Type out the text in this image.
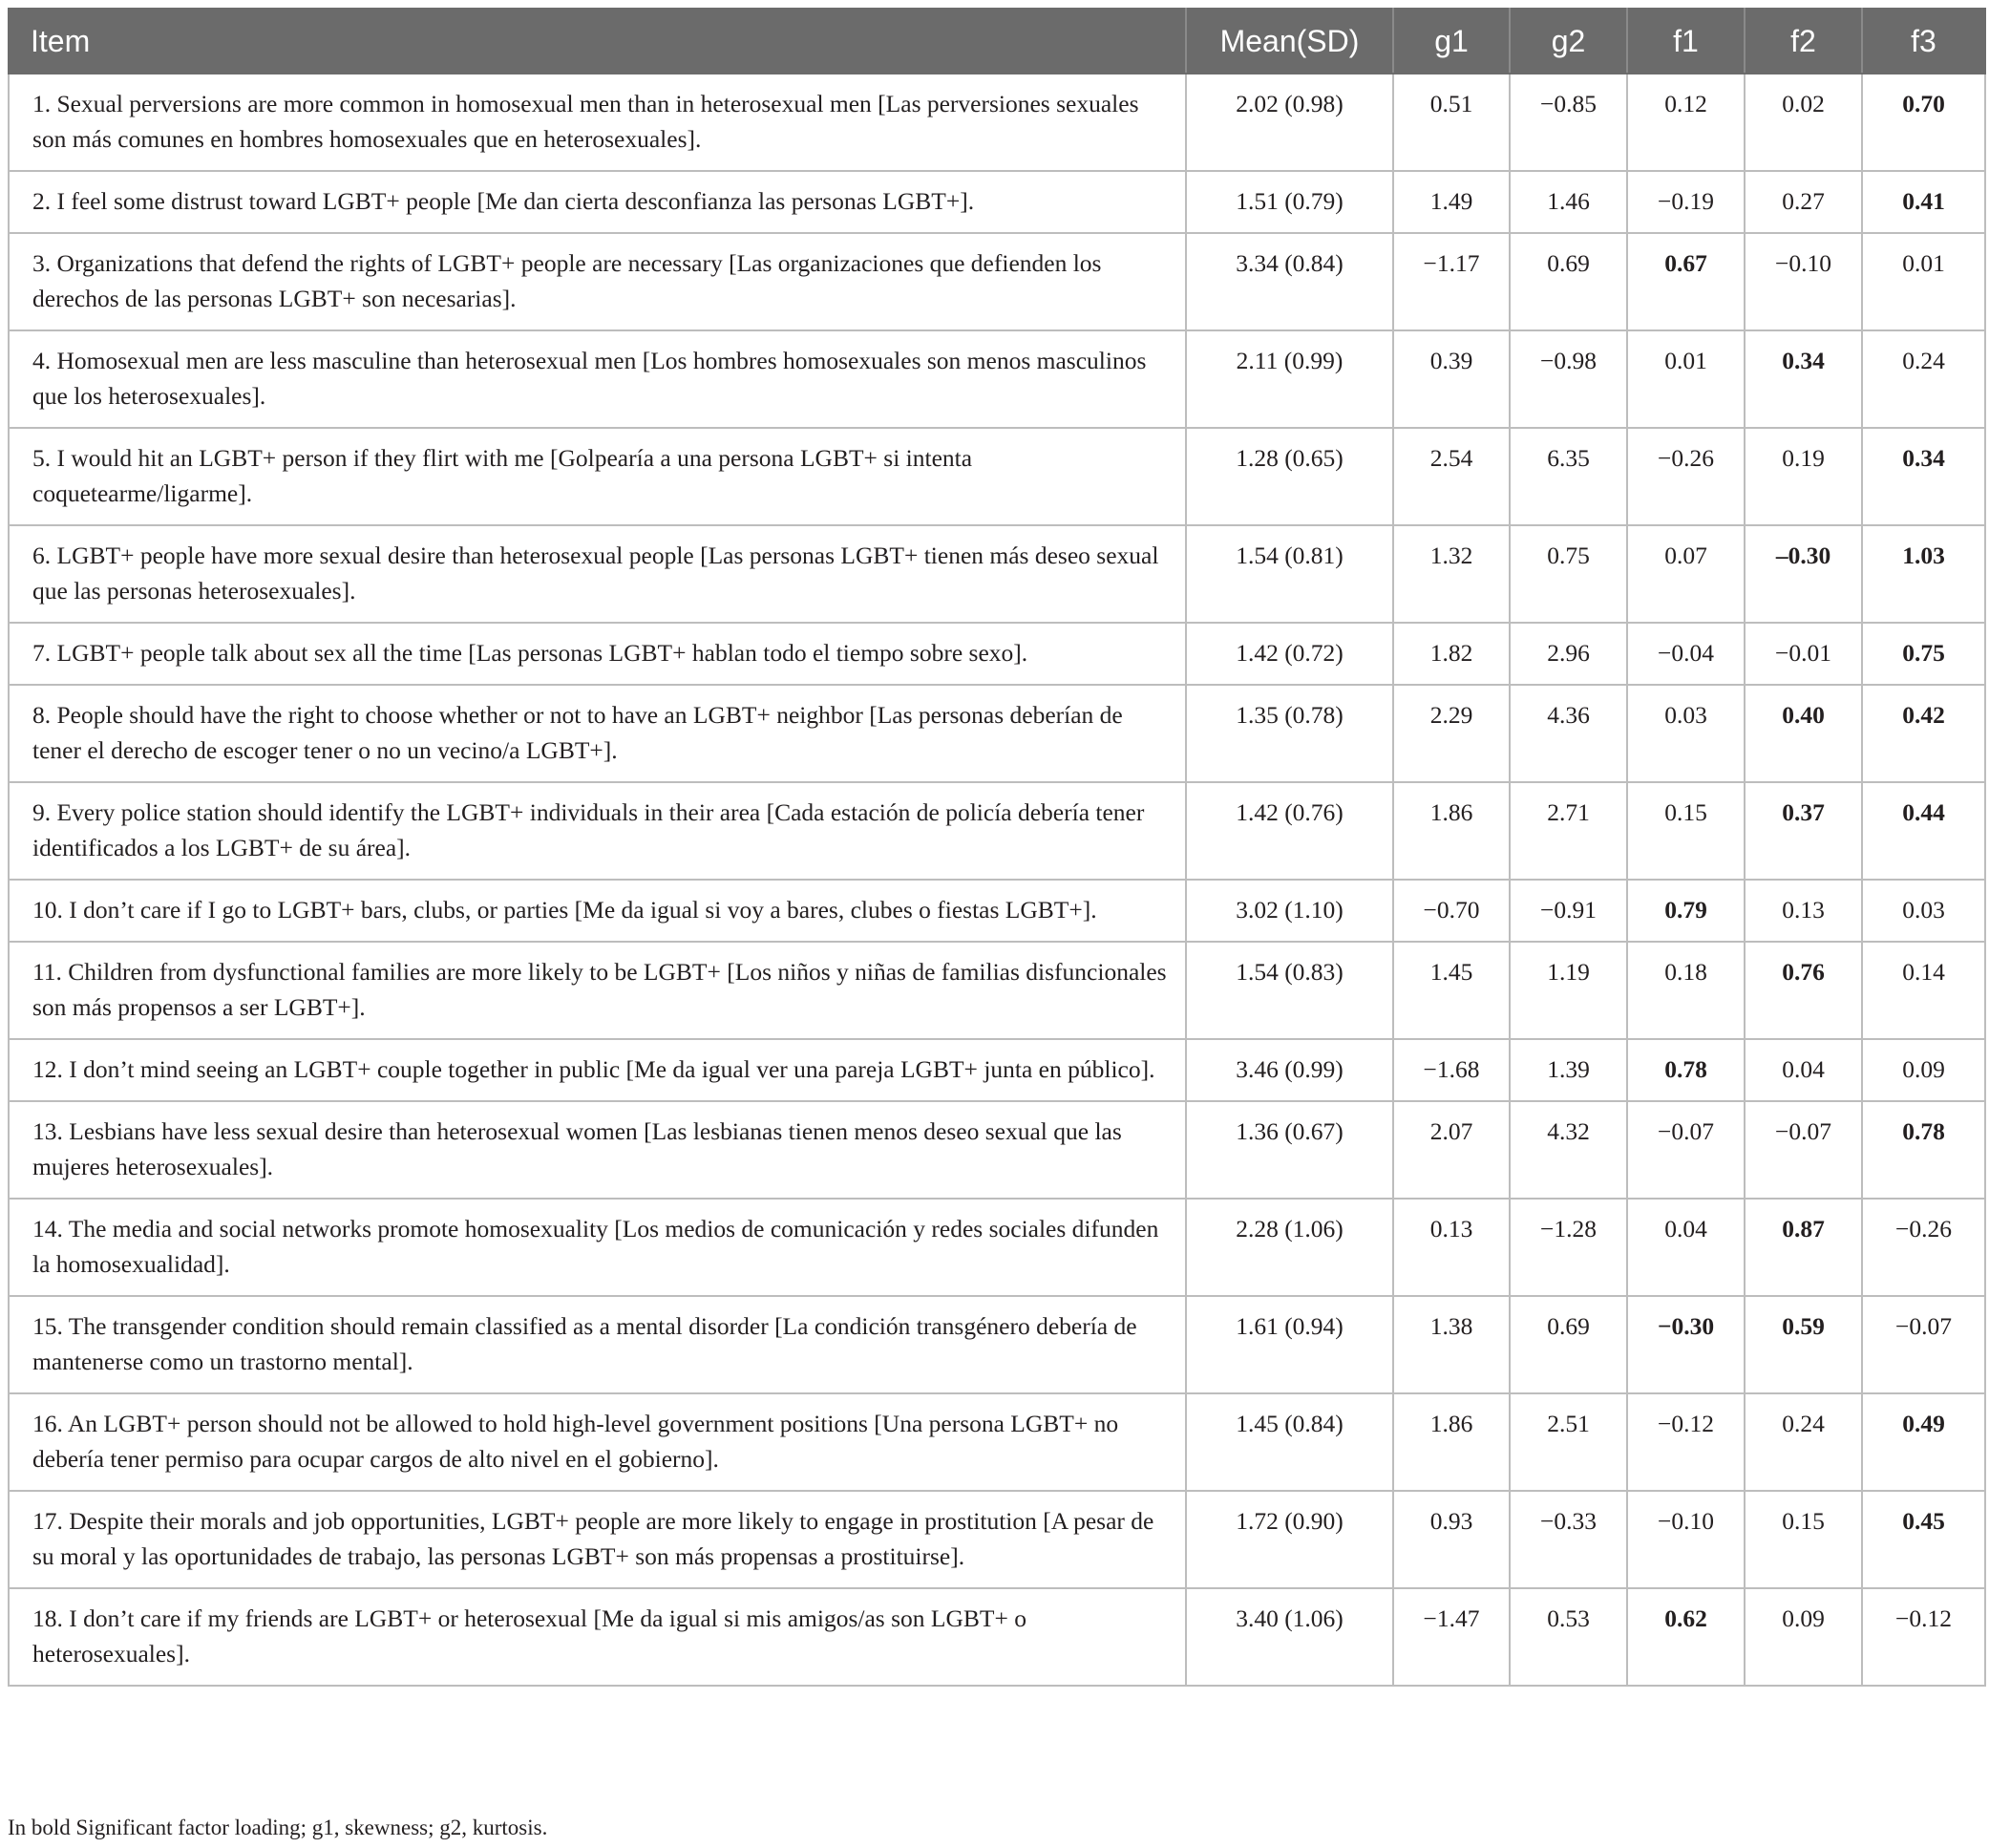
Item	Mean(SD)	g1	g2	f1	f2	f3
1. Sexual perversions are more common in homosexual men than in heterosexual men [Las perversiones sexuales son más comunes en hombres homosexuales que en heterosexuales].	2.02 (0.98)	0.51	−0.85	0.12	0.02	0.70
2. I feel some distrust toward LGBT+ people [Me dan cierta desconfianza las personas LGBT+].	1.51 (0.79)	1.49	1.46	−0.19	0.27	0.41
3. Organizations that defend the rights of LGBT+ people are necessary [Las organizaciones que defienden los derechos de las personas LGBT+ son necesarias].	3.34 (0.84)	−1.17	0.69	0.67	−0.10	0.01
4. Homosexual men are less masculine than heterosexual men [Los hombres homosexuales son menos masculinos que los heterosexuales].	2.11 (0.99)	0.39	−0.98	0.01	0.34	0.24
5. I would hit an LGBT+ person if they flirt with me [Golpearía a una persona LGBT+ si intenta coquetearme/ligarme].	1.28 (0.65)	2.54	6.35	−0.26	0.19	0.34
6. LGBT+ people have more sexual desire than heterosexual people [Las personas LGBT+ tienen más deseo sexual que las personas heterosexuales].	1.54 (0.81)	1.32	0.75	0.07	–0.30	1.03
7. LGBT+ people talk about sex all the time [Las personas LGBT+ hablan todo el tiempo sobre sexo].	1.42 (0.72)	1.82	2.96	−0.04	−0.01	0.75
8. People should have the right to choose whether or not to have an LGBT+ neighbor [Las personas deberían de tener el derecho de escoger tener o no un vecino/a LGBT+].	1.35 (0.78)	2.29	4.36	0.03	0.40	0.42
9. Every police station should identify the LGBT+ individuals in their area [Cada estación de policía debería tener identificados a los LGBT+ de su área].	1.42 (0.76)	1.86	2.71	0.15	0.37	0.44
10. I don’t care if I go to LGBT+ bars, clubs, or parties [Me da igual si voy a bares, clubes o fiestas LGBT+].	3.02 (1.10)	−0.70	−0.91	0.79	0.13	0.03
11. Children from dysfunctional families are more likely to be LGBT+ [Los niños y niñas de familias disfuncionales son más propensos a ser LGBT+].	1.54 (0.83)	1.45	1.19	0.18	0.76	0.14
12. I don’t mind seeing an LGBT+ couple together in public [Me da igual ver una pareja LGBT+ junta en público].	3.46 (0.99)	−1.68	1.39	0.78	0.04	0.09
13. Lesbians have less sexual desire than heterosexual women [Las lesbianas tienen menos deseo sexual que las mujeres heterosexuales].	1.36 (0.67)	2.07	4.32	−0.07	−0.07	0.78
14. The media and social networks promote homosexuality [Los medios de comunicación y redes sociales difunden la homosexualidad].	2.28 (1.06)	0.13	−1.28	0.04	0.87	−0.26
15. The transgender condition should remain classified as a mental disorder [La condición transgénero debería de mantenerse como un trastorno mental].	1.61 (0.94)	1.38	0.69	−0.30	0.59	−0.07
16. An LGBT+ person should not be allowed to hold high-level government positions [Una persona LGBT+ no debería tener permiso para ocupar cargos de alto nivel en el gobierno].	1.45 (0.84)	1.86	2.51	−0.12	0.24	0.49
17. Despite their morals and job opportunities, LGBT+ people are more likely to engage in prostitution [A pesar de su moral y las oportunidades de trabajo, las personas LGBT+ son más propensas a prostituirse].	1.72 (0.90)	0.93	−0.33	−0.10	0.15	0.45
18. I don’t care if my friends are LGBT+ or heterosexual [Me da igual si mis amigos/as son LGBT+ o heterosexuales].	3.40 (1.06)	−1.47	0.53	0.62	0.09	−0.12
In bold Significant factor loading; g1, skewness; g2, kurtosis.
